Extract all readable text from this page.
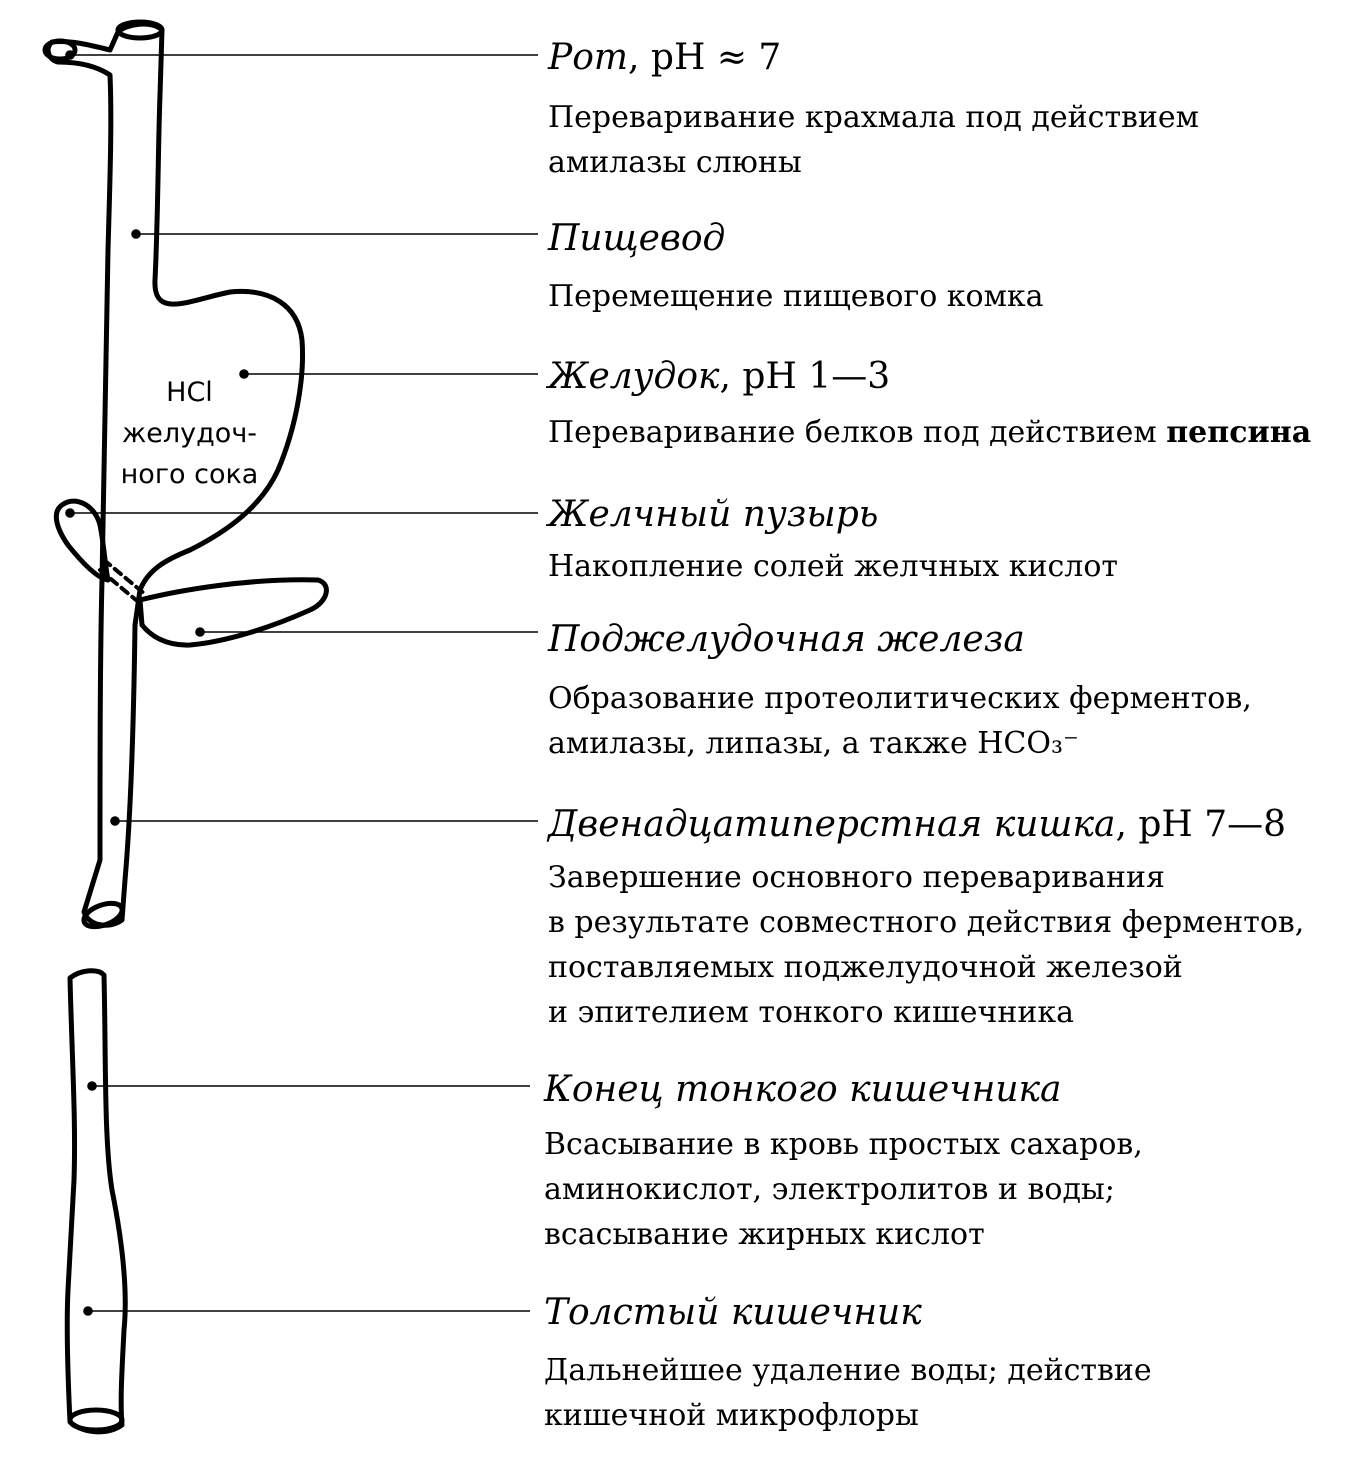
HCl
желудоч-
ного сока
Рот, pH ≈ 7
Переваривание крахмала под действием
амилазы слюны
Пищевод
Перемещение пищевого комка
Желудок, pH 1—3
Переваривание белков под действием пепсина
Желчный пузырь
Накопление солей желчных кислот
Поджелудочная железа
Образование протеолитических ферментов,
амилазы, липазы, а также HCO₃⁻
Двенадцатиперстная кишка, pH 7—8
Завершение основного переваривания
в результате совместного действия ферментов,
поставляемых поджелудочной железой
и эпителием тонкого кишечника
Конец тонкого кишечника
Всасывание в кровь простых сахаров,
аминокислот, электролитов и воды;
всасывание жирных кислот
Толстый кишечник
Дальнейшее удаление воды; действие
кишечной микрофлоры
